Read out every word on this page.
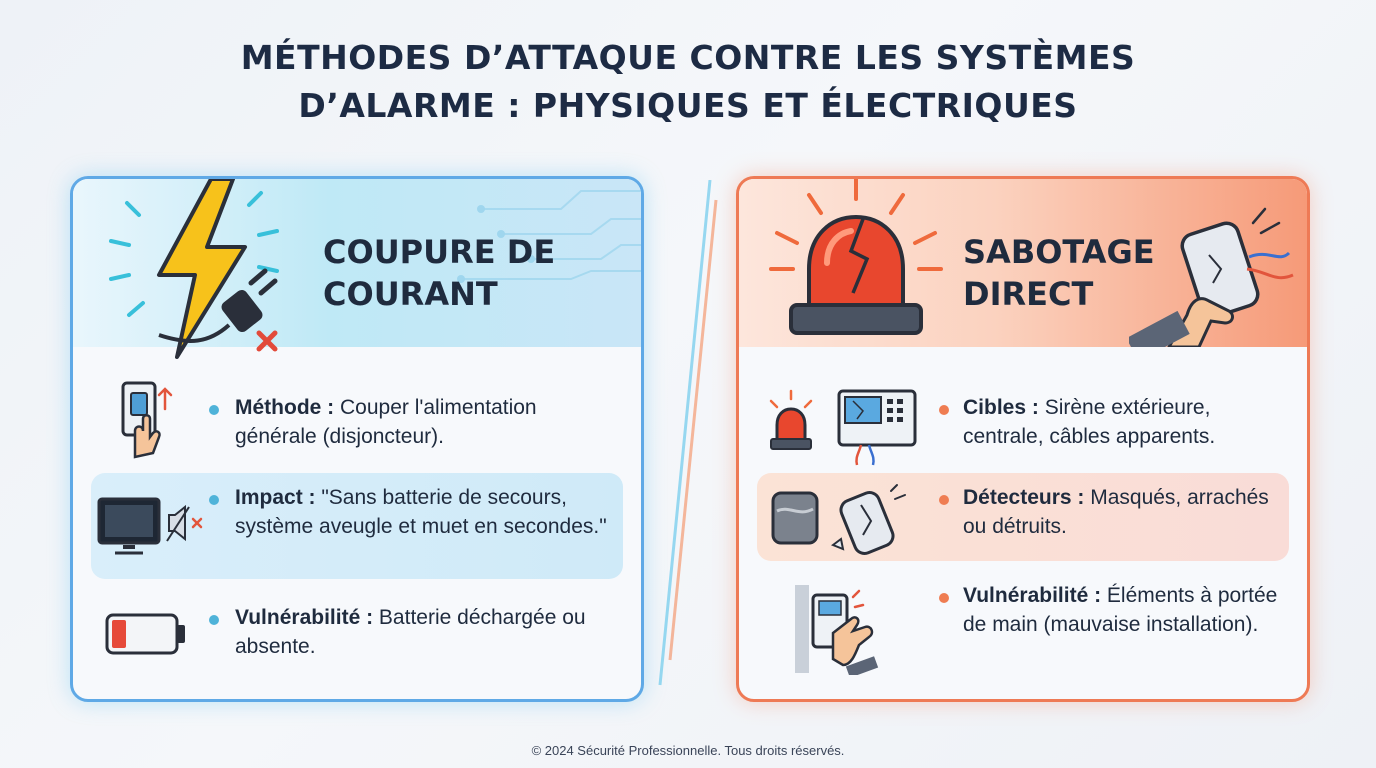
MÉTHODES D’ATTAQUE CONTRE LES SYSTÈMES
D’ALARME : PHYSIQUES ET ÉLECTRIQUES
COUPURE DE
COURANT
Méthode : Couper l'alimentation générale (disjoncteur).
Impact : "Sans batterie de secours, système aveugle et muet en secondes."
Vulnérabilité : Batterie déchargée ou absente.
SABOTAGE
DIRECT
Cibles : Sirène extérieure, centrale, câbles apparents.
Détecteurs : Masqués, arrachés ou détruits.
Vulnérabilité : Éléments à portée de main (mauvaise installation).
© 2024 Sécurité Professionnelle. Tous droits réservés.
